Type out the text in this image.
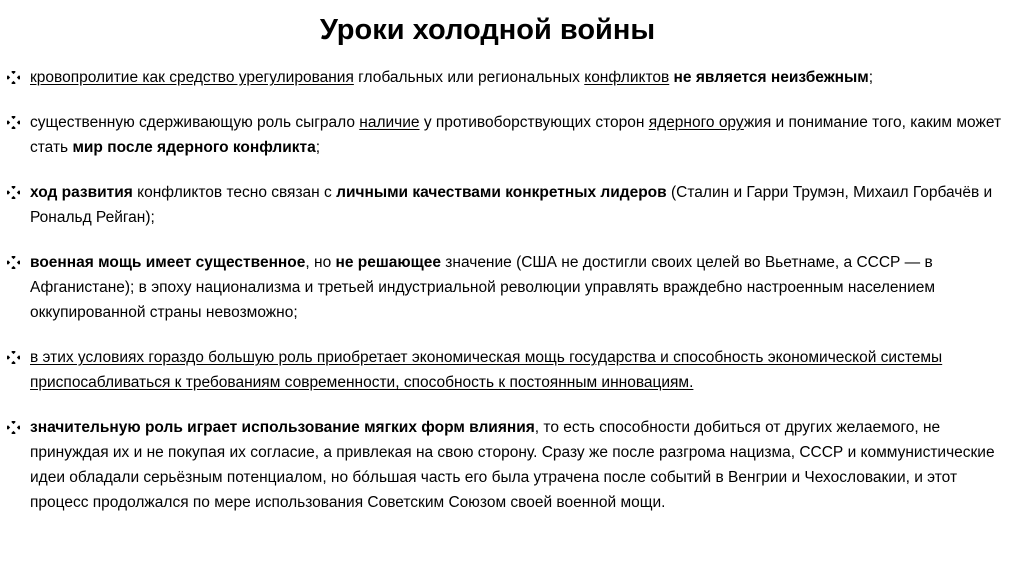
Уроки холодной войны
кровопролитие как средство урегулирования глобальных или региональных конфликтов не является неизбежным;
существенную сдерживающую роль сыграло наличие у противоборствующих сторон ядерного оружия и понимание того, каким может стать мир после ядерного конфликта;
ход развития конфликтов тесно связан с личными качествами конкретных лидеров (Сталин и Гарри Трумэн, Михаил Горбачёв и Рональд Рейган);
военная мощь имеет существенное, но не решающее значение (США не достигли своих целей во Вьетнаме, а СССР — в Афганистане); в эпоху национализма и третьей индустриальной революции управлять враждебно настроенным населением оккупированной страны невозможно;
в этих условиях гораздо большую роль приобретает экономическая мощь государства и способность экономической системы приспосабливаться к требованиям современности, способность к постоянным инновациям.
значительную роль играет использование мягких форм влияния, то есть способности добиться от других желаемого, не принуждая их и не покупая их согласие, а привлекая на свою сторону. Сразу же после разгрома нацизма, СССР и коммунистические идеи обладали серьёзным потенциалом, но бóльшая часть его была утрачена после событий в Венгрии и Чехословакии, и этот процесс продолжался по мере использования Советским Союзом своей военной мощи.
